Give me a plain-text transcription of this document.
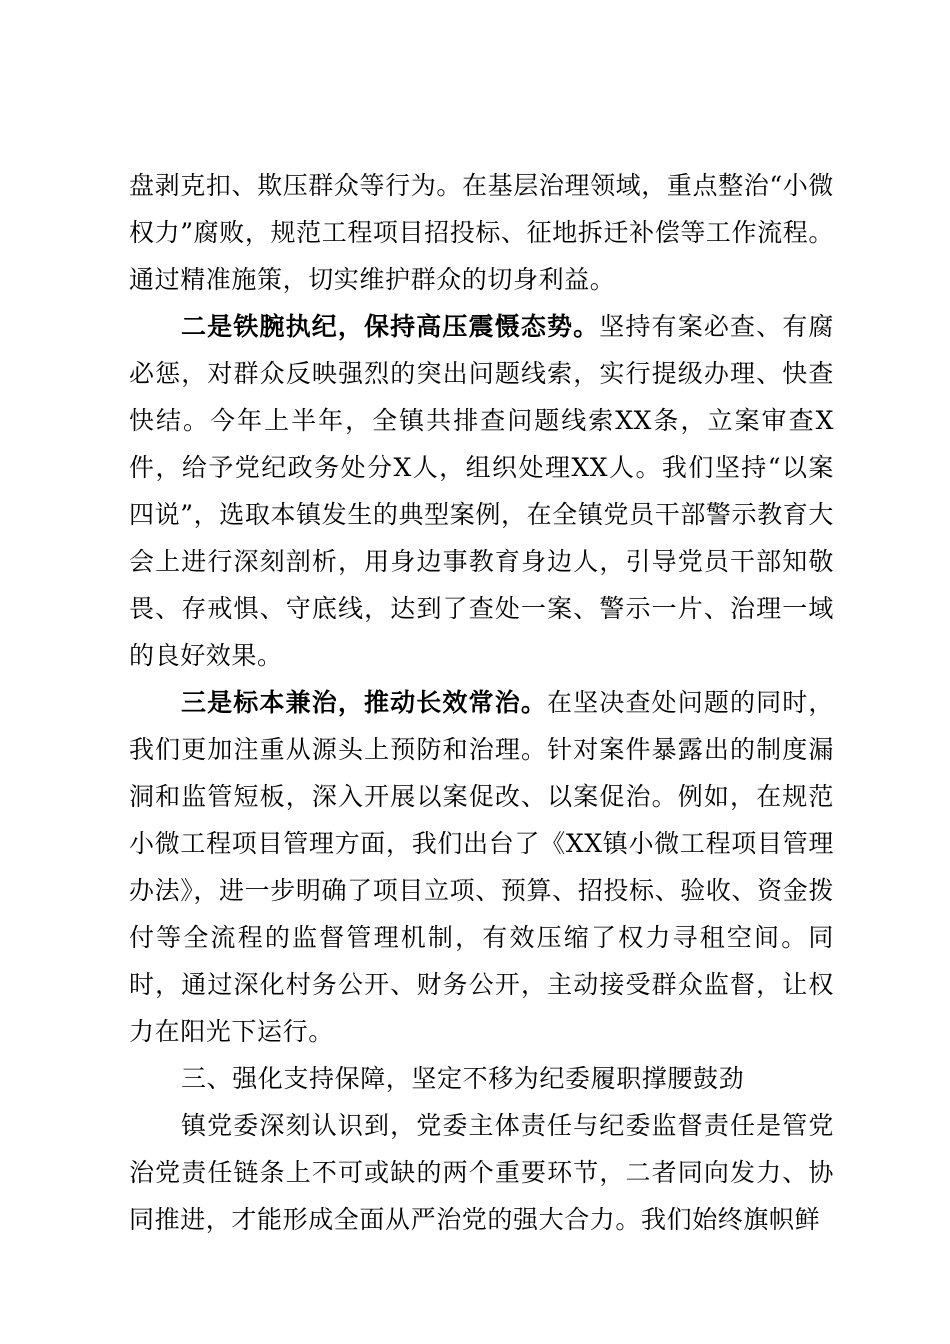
盘剥克扣、欺压群众等行为。在基层治理领域，重点整治“小微权力”腐败，规范工程项目招投标、征地拆迁补偿等工作流程。通过精准施策，切实维护群众的切身利益。

二是铁腕执纪，保持高压震慑态势。坚持有案必查、有腐必惩，对群众反映强烈的突出问题线索，实行提级办理、快查快结。今年上半年，全镇共排查问题线索XX条，立案审查X件，给予党纪政务处分X人，组织处理XX人。我们坚持“以案四说”，选取本镇发生的典型案例，在全镇党员干部警示教育大会上进行深刻剖析，用身边事教育身边人，引导党员干部知敬畏、存戒惧、守底线，达到了查处一案、警示一片、治理一域的良好效果。

三是标本兼治，推动长效常治。在坚决查处问题的同时，我们更加注重从源头上预防和治理。针对案件暴露出的制度漏洞和监管短板，深入开展以案促改、以案促治。例如，在规范小微工程项目管理方面，我们出台了《XX镇小微工程项目管理办法》，进一步明确了项目立项、预算、招投标、验收、资金拨付等全流程的监督管理机制，有效压缩了权力寻租空间。同时，通过深化村务公开、财务公开，主动接受群众监督，让权力在阳光下运行。

三、强化支持保障，坚定不移为纪委履职撑腰鼓劲

镇党委深刻认识到，党委主体责任与纪委监督责任是管党治党责任链条上不可或缺的两个重要环节，二者同向发力、协同推进，才能形成全面从严治党的强大合力。我们始终旗帜鲜
